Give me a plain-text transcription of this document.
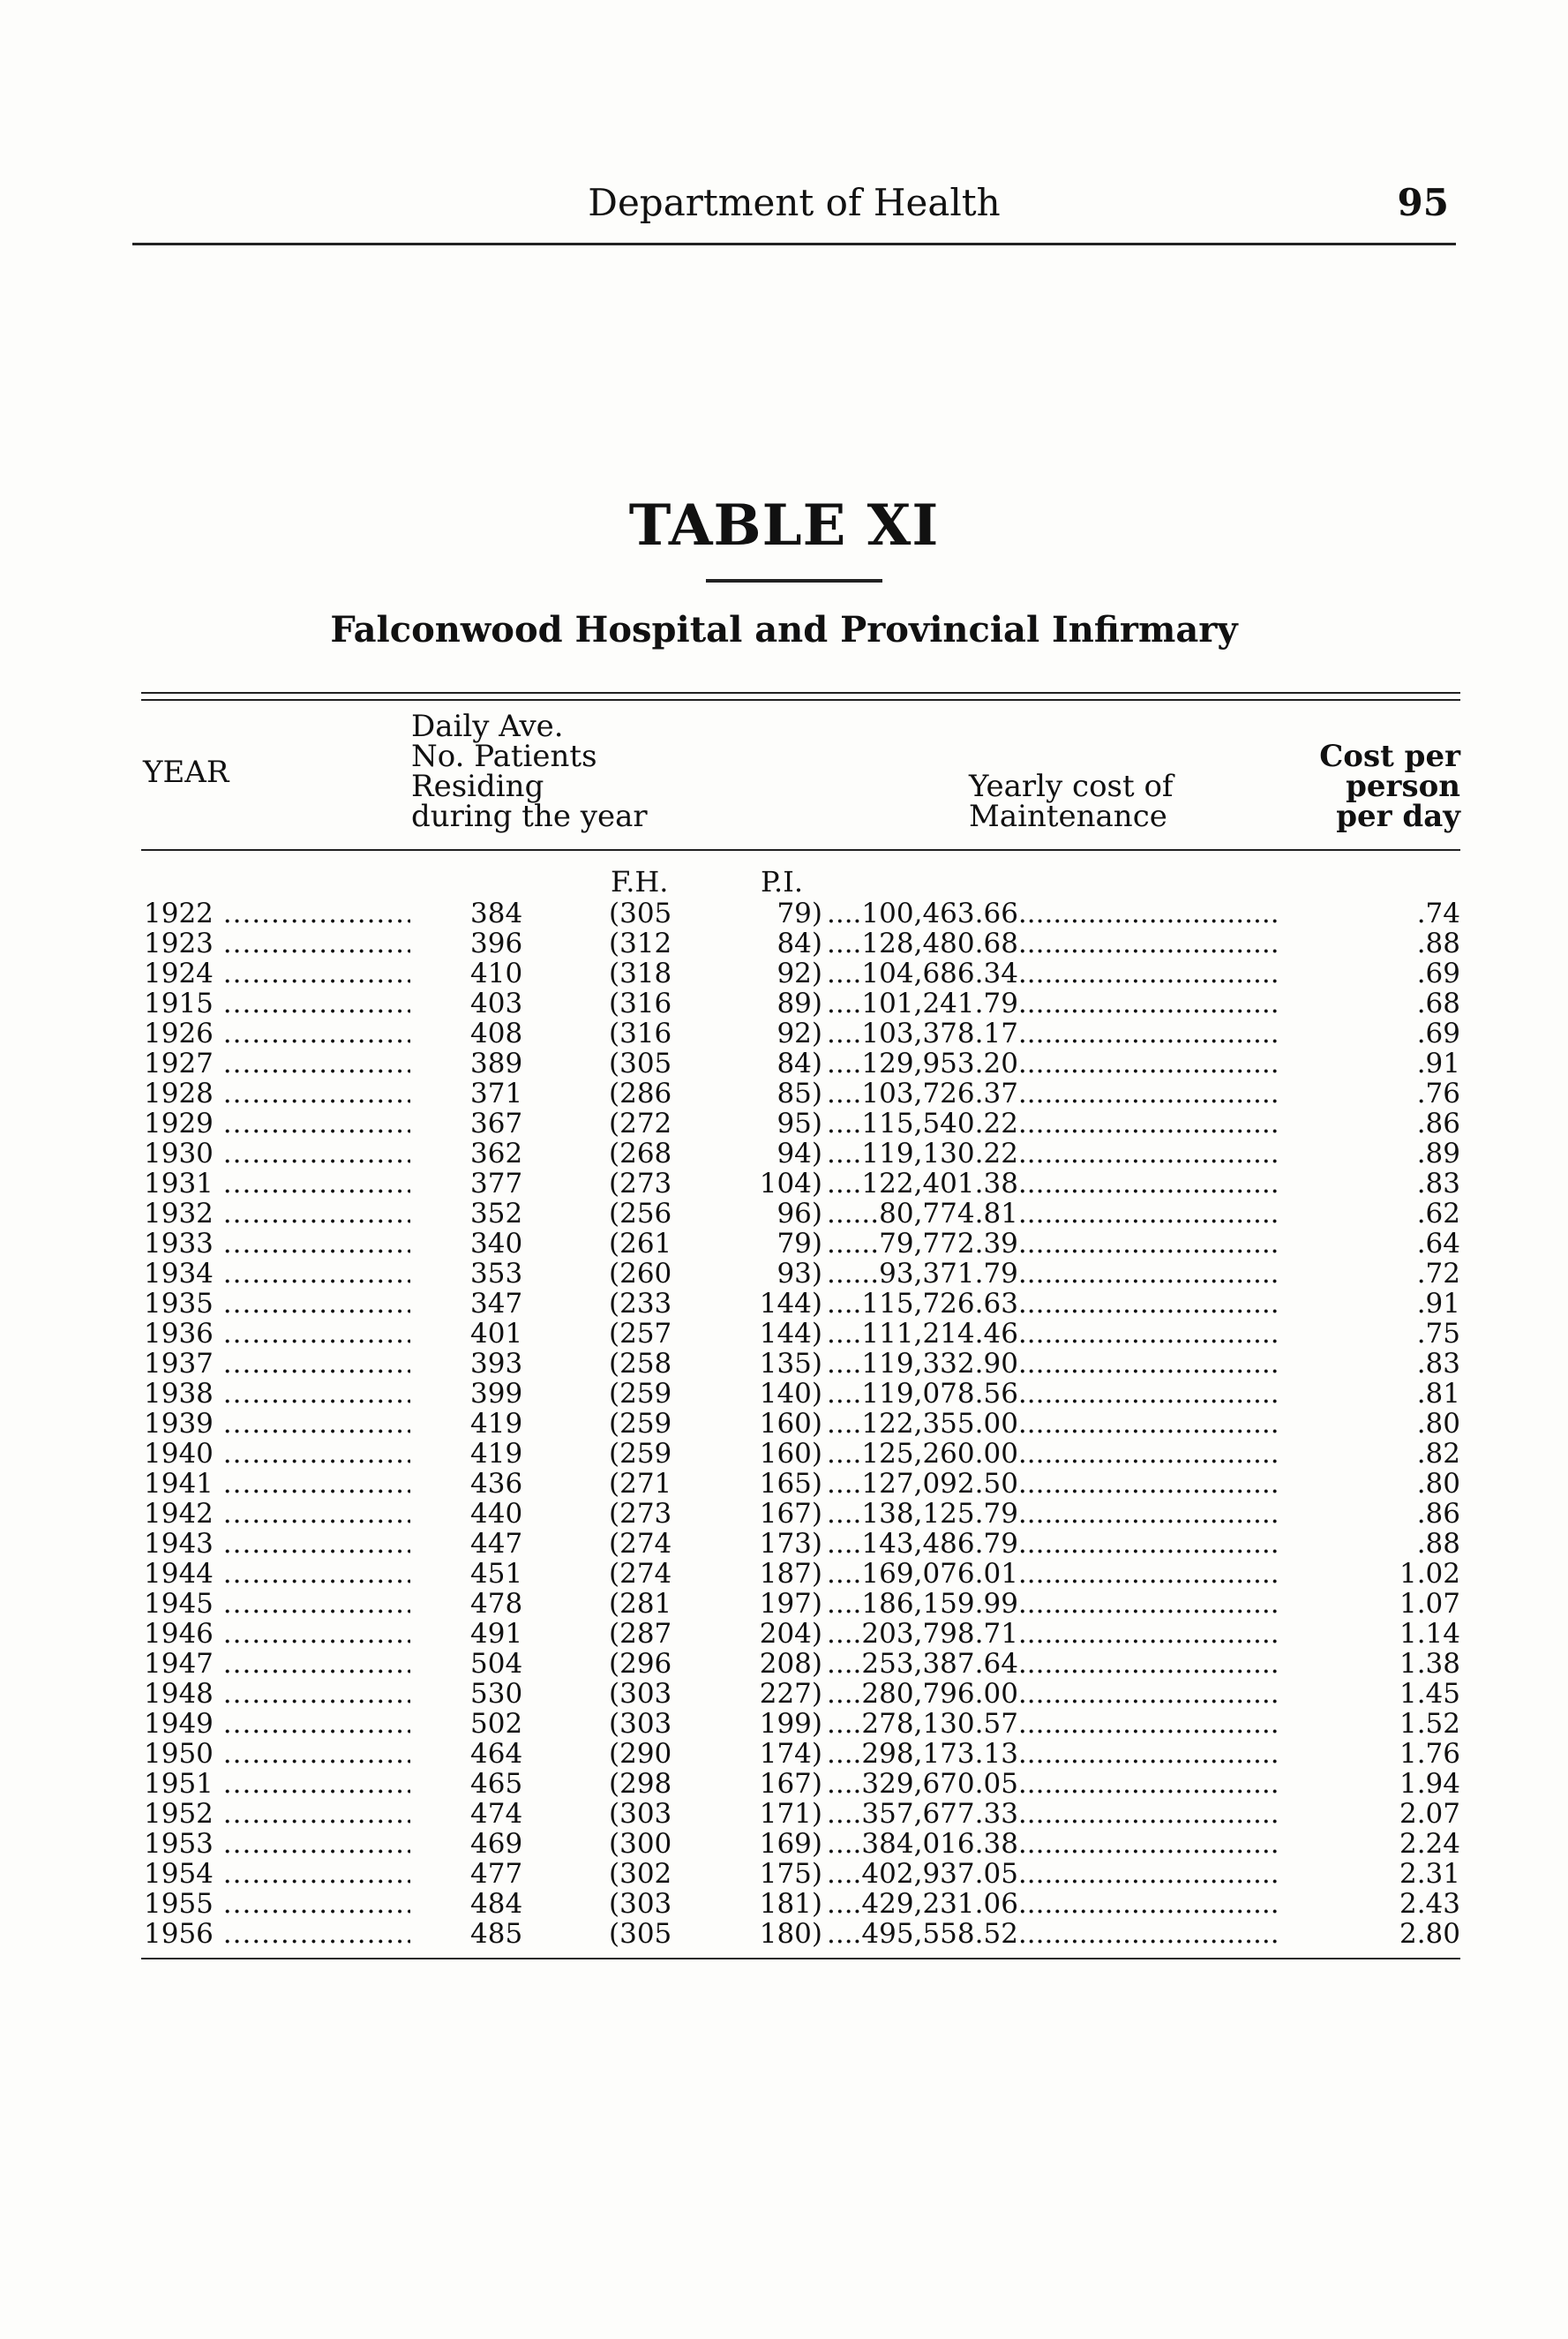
Department of Health	95
TABLE XI
Falconwood Hospital and Provincial Infirmary
YEAR
Daily Ave.
No. Patients
Residing
during the year
Yearly cost of
Maintenance
Cost per
person
per day
F.H.	P.I.
1922 .....	384	(305	79) ....100,463.66..............................	.74
1923 .....	396	(312	84) ....128,480.68..............................	.88
1924 .....	410	(318	92) ....104,686.34..............................	.69
1915 .....	403	(316	89) ....101,241.79..............................	.68
1926 .....	408	(316	92) ....103,378.17..............................	.69
1927 .....	389	(305	84) ....129,953.20..............................	.91
1928 .....	371	(286	85) ....103,726.37..............................	.76
1929 .....	367	(272	95) ....115,540.22..............................	.86
1930 .....	362	(268	94) ....119,130.22..............................	.89
1931 .....	377	(273	104) ....122,401.38..............................	.83
1932 .....	352	(256	96) ......80,774.81..............................	.62
1933 .....	340	(261	79) ......79,772.39..............................	.64
1934 .....	353	(260	93) ......93,371.79..............................	.72
1935 .....	347	(233	144) ....115,726.63..............................	.91
1936 .....	401	(257	144) ....111,214.46..............................	.75
1937 .....	393	(258	135) ....119,332.90..............................	.83
1938 .....	399	(259	140) ....119,078.56..............................	.81
1939 .....	419	(259	160) ....122,355.00..............................	.80
1940 .....	419	(259	160) ....125,260.00..............................	.82
1941 .....	436	(271	165) ....127,092.50..............................	.80
1942 .....	440	(273	167) ....138,125.79..............................	.86
1943 .....	447	(274	173) ....143,486.79..............................	.88
1944 .....	451	(274	187) ....169,076.01..............................	1.02
1945 .....	478	(281	197) ....186,159.99..............................	1.07
1946 .....	491	(287	204) ....203,798.71..............................	1.14
1947 .....	504	(296	208) ....253,387.64..............................	1.38
1948 .....	530	(303	227) ....280,796.00..............................	1.45
1949 .....	502	(303	199) ....278,130.57..............................	1.52
1950 .....	464	(290	174) ....298,173.13..............................	1.76
1951 .....	465	(298	167) ....329,670.05..............................	1.94
1952 .....	474	(303	171) ....357,677.33..............................	2.07
1953 .....	469	(300	169) ....384,016.38..............................	2.24
1954 .....	477	(302	175) ....402,937.05..............................	2.31
1955 .....	484	(303	181) ....429,231.06..............................	2.43
1956 .....	485	(305	180) ....495,558.52..............................	2.80
